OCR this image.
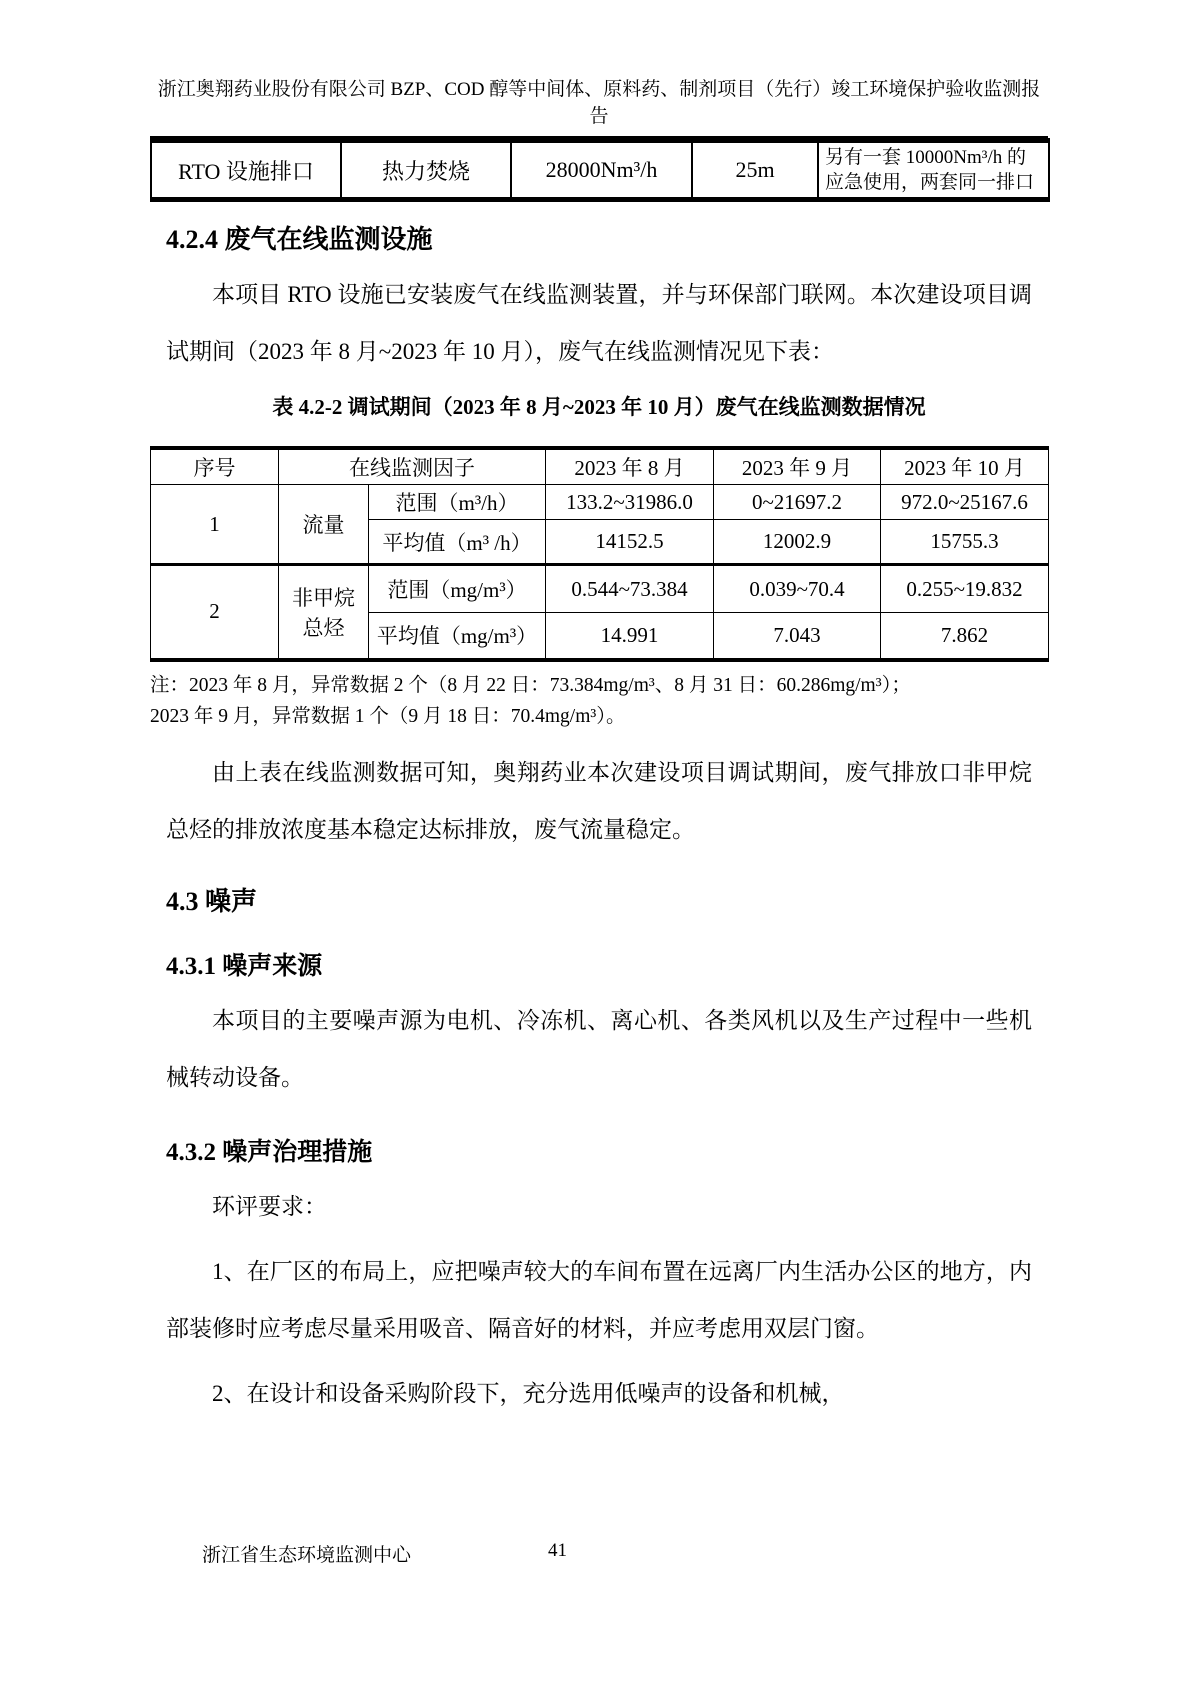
浙江奥翔药业股份有限公司 BZP、COD 醇等中间体、原料药、制剂项目（先行）竣工环境保护验收监测报
告
RTO 设施排口	热力焚烧	28000Nm³/h	25m	另有一套 10000Nm³/h 的应急使用，两套同一排口
4.2.4 废气在线监测设施

本项目 RTO 设施已安装废气在线监测装置，并与环保部门联网。本次建设项目调试期间（2023 年 8 月~2023 年 10 月），废气在线监测情况见下表：

表 4.2-2 调试期间（2023 年 8 月~2023 年 10 月）废气在线监测数据情况
序号	在线监测因子		2023 年 8 月	2023 年 9 月	2023 年 10 月
1	流量	范围（m³/h）	133.2~31986.0	0~21697.2	972.0~25167.6
		平均值（m³ /h）	14152.5	12002.9	15755.3
2	非甲烷总烃	范围（mg/m³）	0.544~73.384	0.039~70.4	0.255~19.832
		平均值（mg/m³）	14.991	7.043	7.862
注：2023 年 8 月，异常数据 2 个（8 月 22 日：73.384mg/m³、8 月 31 日：60.286mg/m³）；
2023 年 9 月，异常数据 1 个（9 月 18 日：70.4mg/m³）。

由上表在线监测数据可知，奥翔药业本次建设项目调试期间，废气排放口非甲烷总烃的排放浓度基本稳定达标排放，废气流量稳定。

4.3 噪声
4.3.1 噪声来源

本项目的主要噪声源为电机、冷冻机、离心机、各类风机以及生产过程中一些机械转动设备。

4.3.2 噪声治理措施

环评要求：

1、在厂区的布局上，应把噪声较大的车间布置在远离厂内生活办公区的地方，内部装修时应考虑尽量采用吸音、隔音好的材料，并应考虑用双层门窗。

2、在设计和设备采购阶段下，充分选用低噪声的设备和机械，

浙江省生态环境监测中心	41
